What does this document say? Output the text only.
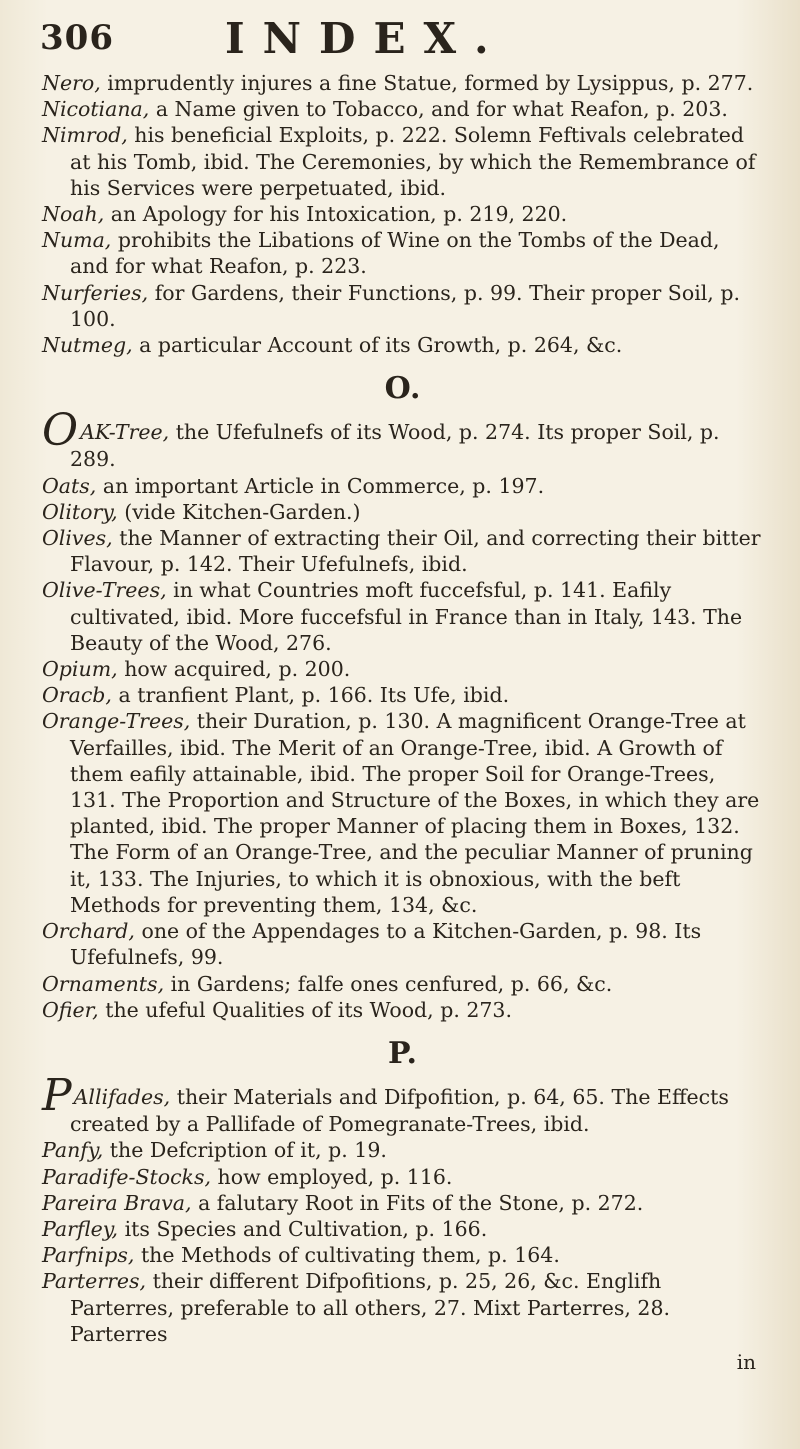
306	INDEX.

Nero, imprudently injures a fine Statue, formed by Lysippus, p. 277.

Nicotiana, a Name given to Tobacco, and for what Reafon, p. 203.

Nimrod, his beneficial Exploits, p. 222. Solemn Feftivals celebrated at his Tomb, ibid. The Ceremonies, by which the Remembrance of his Services were perpetuated, ibid.

Noah, an Apology for his Intoxication, p. 219, 220.

Numa, prohibits the Libations of Wine on the Tombs of the Dead, and for what Reafon, p. 223.

Nurferies, for Gardens, their Functions, p. 99. Their proper Soil, p. 100.

Nutmeg, a particular Account of its Growth, p. 264, &c.

O.

OAK-Tree, the Ufefulnefs of its Wood, p. 274. Its proper Soil, p. 289.

Oats, an important Article in Commerce, p. 197.

Olitory, (vide Kitchen-Garden.)

Olives, the Manner of extracting their Oil, and correcting their bitter Flavour, p. 142. Their Ufefulnefs, ibid.

Olive-Trees, in what Countries moft fuccefsful, p. 141. Eafily cultivated, ibid. More fuccefsful in France than in Italy, 143. The Beauty of the Wood, 276.

Opium, how acquired, p. 200.

Oracb, a tranfient Plant, p. 166. Its Ufe, ibid.

Orange-Trees, their Duration, p. 130. A magnificent Orange-Tree at Verfailles, ibid. The Merit of an Orange-Tree, ibid. A Growth of them eafily attainable, ibid. The proper Soil for Orange-Trees, 131. The Proportion and Structure of the Boxes, in which they are planted, ibid. The proper Manner of placing them in Boxes, 132. The Form of an Orange-Tree, and the peculiar Manner of pruning it, 133. The Injuries, to which it is obnoxious, with the beft Methods for preventing them, 134, &c.

Orchard, one of the Appendages to a Kitchen-Garden, p. 98. Its Ufefulnefs, 99.

Ornaments, in Gardens; falfe ones cenfured, p. 66, &c.

Ofier, the ufeful Qualities of its Wood, p. 273.

P.

PAllifades, their Materials and Difpofition, p. 64, 65. The Effects created by a Pallifade of Pomegranate-Trees, ibid.

Panfy, the Defcription of it, p. 19.

Paradife-Stocks, how employed, p. 116.

Pareira Brava, a falutary Root in Fits of the Stone, p. 272.

Parfley, its Species and Cultivation, p. 166.

Parfnips, the Methods of cultivating them, p. 164.

Parterres, their different Difpofitions, p. 25, 26, &c. Englifh Parterres, preferable to all others, 27. Mixt Parterres, 28. Parterres

in
